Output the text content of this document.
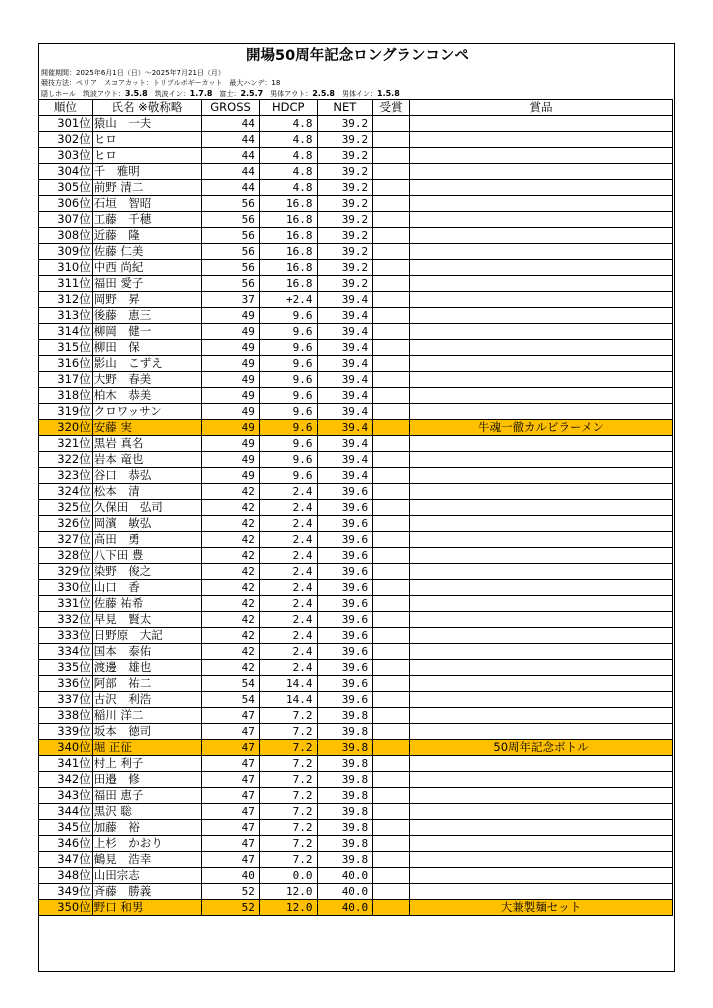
開場50周年記念ロングランコンペ
開催期間：2025年6月1日（日）〜2025年7月21日（月）
競技方法：ペリア　スコアカット：トリプルボギーカット　最大ハンデ：18
隠しホール　筑波アウト：3.5.8　筑波イン：1.7.8　富士：2.5.7　男体アウト：2.5.8　男体イン：1.5.8
順位	氏名 ※敬称略	GROSS	HDCP	NET	受賞	賞品
301位	猿山　一夫	44	4.8	39.2		
302位	ヒロ	44	4.8	39.2		
303位	ヒロ	44	4.8	39.2		
304位	千　雅明	44	4.8	39.2		
305位	前野 清二	44	4.8	39.2		
306位	石垣　智昭	56	16.8	39.2		
307位	工藤　千穂	56	16.8	39.2		
308位	近藤　隆	56	16.8	39.2		
309位	佐藤 仁美	56	16.8	39.2		
310位	中西 尚紀	56	16.8	39.2		
311位	福田 愛子	56	16.8	39.2		
312位	岡野　昇	37	+2.4	39.4		
313位	後藤　恵三	49	9.6	39.4		
314位	柳岡　健一	49	9.6	39.4		
315位	柳田　保	49	9.6	39.4		
316位	影山　こずえ	49	9.6	39.4		
317位	大野　春美	49	9.6	39.4		
318位	柏木　恭美	49	9.6	39.4		
319位	クロワッサン	49	9.6	39.4		
320位	安藤 実	49	9.6	39.4		牛魂一徹カルビラーメン
321位	黒岩 真名	49	9.6	39.4		
322位	岩本 竜也	49	9.6	39.4		
323位	谷口　恭弘	49	9.6	39.4		
324位	松本　清	42	2.4	39.6		
325位	久保田　弘司	42	2.4	39.6		
326位	岡濱　敏弘	42	2.4	39.6		
327位	高田　勇	42	2.4	39.6		
328位	八下田 豊	42	2.4	39.6		
329位	染野　俊之	42	2.4	39.6		
330位	山口　香	42	2.4	39.6		
331位	佐藤 祐希	42	2.4	39.6		
332位	早見　賢太	42	2.4	39.6		
333位	日野原　大記	42	2.4	39.6		
334位	国本　泰佑	42	2.4	39.6		
335位	渡邊　雄也	42	2.4	39.6		
336位	阿部　祐二	54	14.4	39.6		
337位	古沢　利浩	54	14.4	39.6		
338位	稲川 洋二	47	7.2	39.8		
339位	坂本　徳司	47	7.2	39.8		
340位	堀 正征	47	7.2	39.8		50周年記念ボトル
341位	村上 利子	47	7.2	39.8		
342位	田邉　修	47	7.2	39.8		
343位	福田 恵子	47	7.2	39.8		
344位	黒沢 聡	47	7.2	39.8		
345位	加藤　裕	47	7.2	39.8		
346位	上杉　かおり	47	7.2	39.8		
347位	鶴見　浩幸	47	7.2	39.8		
348位	山田宗志	40	0.0	40.0		
349位	斉藤　勝義	52	12.0	40.0		
350位	野口 和男	52	12.0	40.0		大兼製麺セット
